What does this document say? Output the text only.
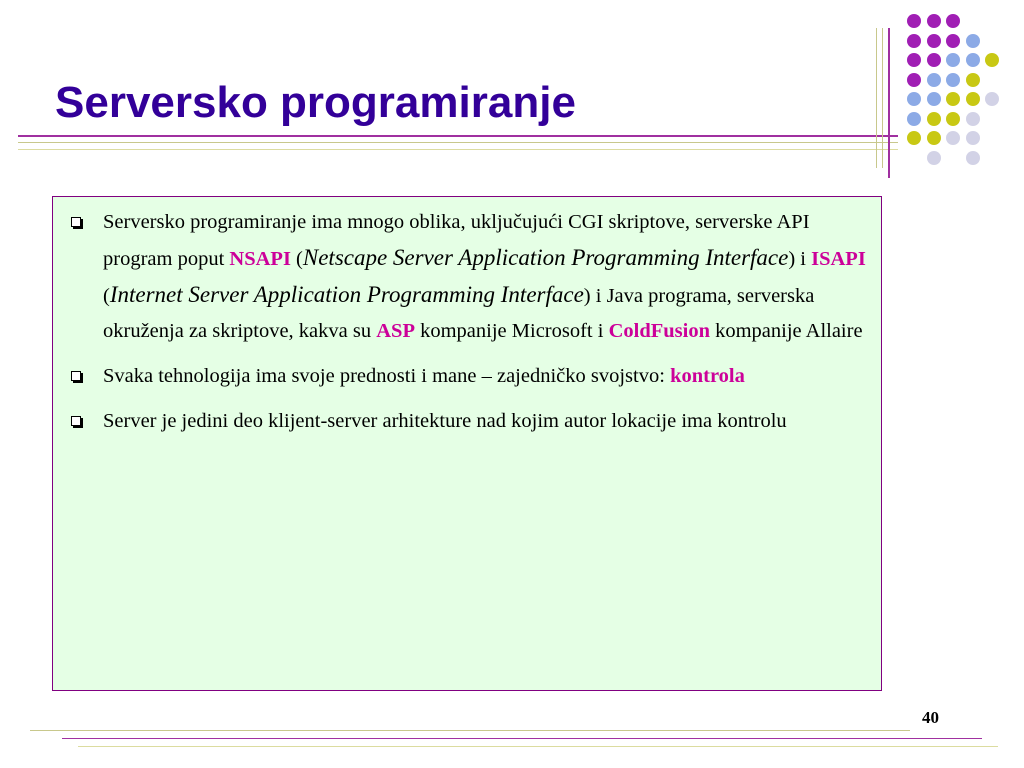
Serversko programiranje
Serversko programiranje ima mnogo oblika, uključujući CGI skriptove, serverske API program poput NSAPI (Netscape Server Application Programming Interface) i ISAPI (Internet Server Application Programming Interface) i Java programa, serverska okruženja za skriptove, kakva su ASP kompanije Microsoft i ColdFusion kompanije Allaire
Svaka tehnologija ima svoje prednosti i mane – zajedničko svojstvo: kontrola
Server je jedini deo klijent-server arhitekture nad kojim autor lokacije ima kontrolu
40
